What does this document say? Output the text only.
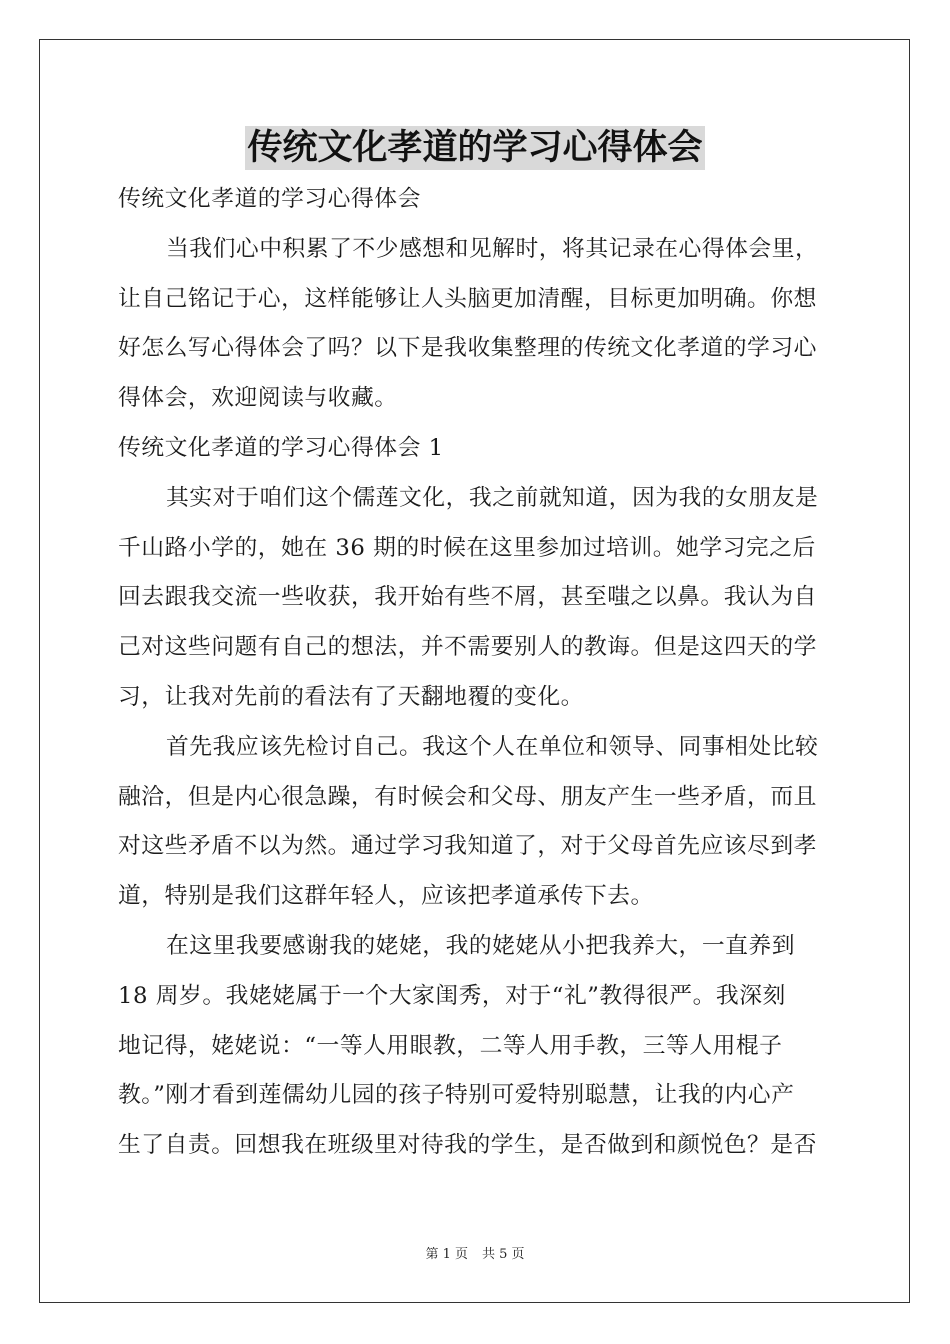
传统文化孝道的学习心得体会
传统文化孝道的学习心得体会
当我们心中积累了不少感想和见解时，将其记录在心得体会里，
让自己铭记于心，这样能够让人头脑更加清醒，目标更加明确。你想
好怎么写心得体会了吗？以下是我收集整理的传统文化孝道的学习心
得体会，欢迎阅读与收藏。
传统文化孝道的学习心得体会 1
其实对于咱们这个儒莲文化，我之前就知道，因为我的女朋友是
千山路小学的，她在 36 期的时候在这里参加过培训。她学习完之后
回去跟我交流一些收获，我开始有些不屑，甚至嗤之以鼻。我认为自
己对这些问题有自己的想法，并不需要别人的教诲。但是这四天的学
习，让我对先前的看法有了天翻地覆的变化。
首先我应该先检讨自己。我这个人在单位和领导、同事相处比较
融洽，但是内心很急躁，有时候会和父母、朋友产生一些矛盾，而且
对这些矛盾不以为然。通过学习我知道了，对于父母首先应该尽到孝
道，特别是我们这群年轻人，应该把孝道承传下去。
在这里我要感谢我的姥姥，我的姥姥从小把我养大，一直养到
18 周岁。我姥姥属于一个大家闺秀，对于“礼”教得很严。我深刻
地记得，姥姥说：“一等人用眼教，二等人用手教，三等人用棍子
教。”刚才看到莲儒幼儿园的孩子特别可爱特别聪慧，让我的内心产
生了自责。回想我在班级里对待我的学生，是否做到和颜悦色？是否
第 1 页 共 5 页
